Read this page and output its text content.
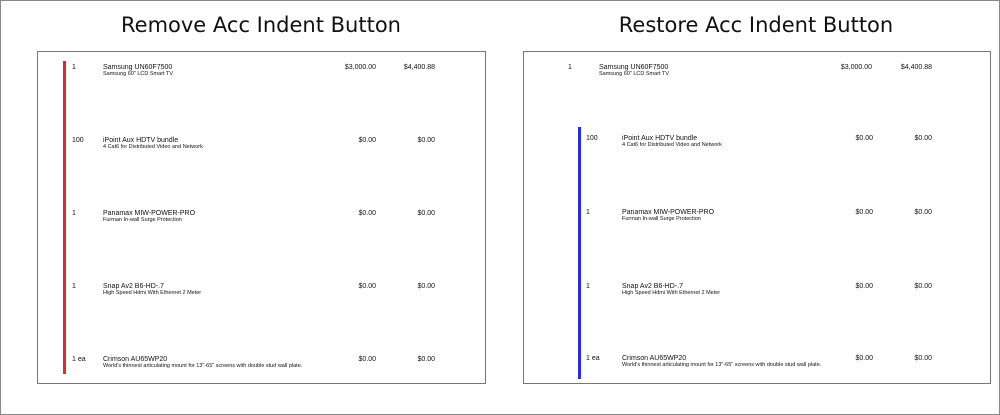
Remove Acc Indent Button	Restore Acc Indent Button
1	Samsung UN60F7500
Samsung 60" LCD Smart TV
$3,000.00	$4,400.88
100	iPoint Aux HDTV bundle
4 Cat6 for Distributed Video and Network
$0.00	$0.00
1	Panamax MIW-POWER-PRO
Furman In-wall Surge Protection
$0.00	$0.00
1	Snap Av2 B6-HD-.7
High Speed Hdmi With Ethernet 2 Meter
$0.00	$0.00
1 ea Crimson AU65WP20
World's thinnest articulating mount for 13"-65" screens with double stud wall plate.
$0.00	$0.00
1	Samsung UN60F7500
Samsung 60" LCD Smart TV
$3,000.00	$4,400.88
100	iPoint Aux HDTV bundle
4 Cat6 for Distributed Video and Network
$0.00	$0.00
1	Panamax MIW-POWER-PRO
Furman In-wall Surge Protection
$0.00	$0.00
1	Snap Av2 B6-HD-.7
High Speed Hdmi With Ethernet 2 Meter
$0.00	$0.00
1 ea	Crimson AU65WP20
World's thinnest articulating mount for 13"-65" screens with double stud wall plate.
$0.00	$0.00
